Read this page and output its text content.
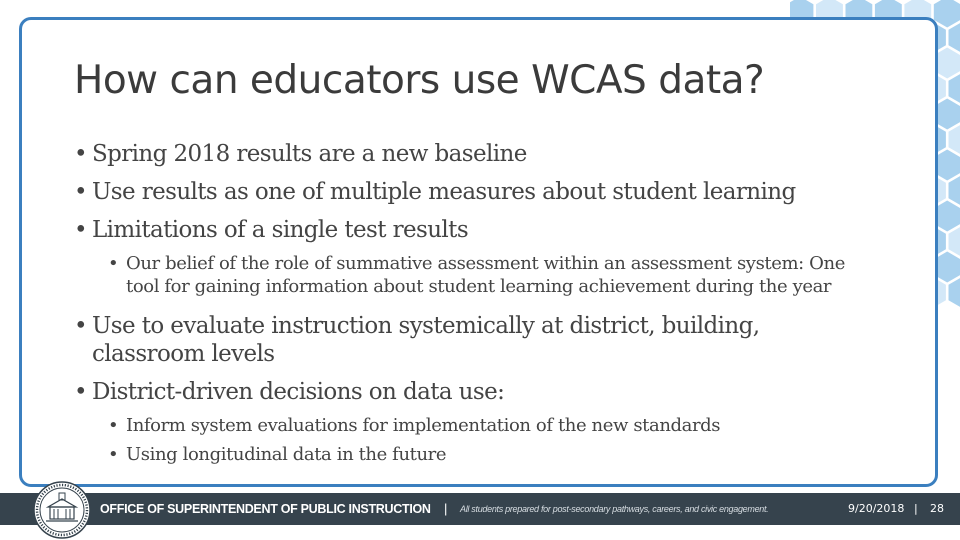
How can educators use WCAS data?
• Spring 2018 results are a new baseline
• Use results as one of multiple measures about student learning
• Limitations of a single test results
• Our belief of the role of summative assessment within an assessment system: One tool for gaining information about student learning achievement during the year
• Use to evaluate instruction systemically at district, building, classroom levels
• District-driven decisions on data use:
• Inform system evaluations for implementation of the new standards
• Using longitudinal data in the future
OFFICE OF SUPERINTENDENT OF PUBLIC INSTRUCTION | All students prepared for post-secondary pathways, careers, and civic engagement.	9/20/2018 | 28
